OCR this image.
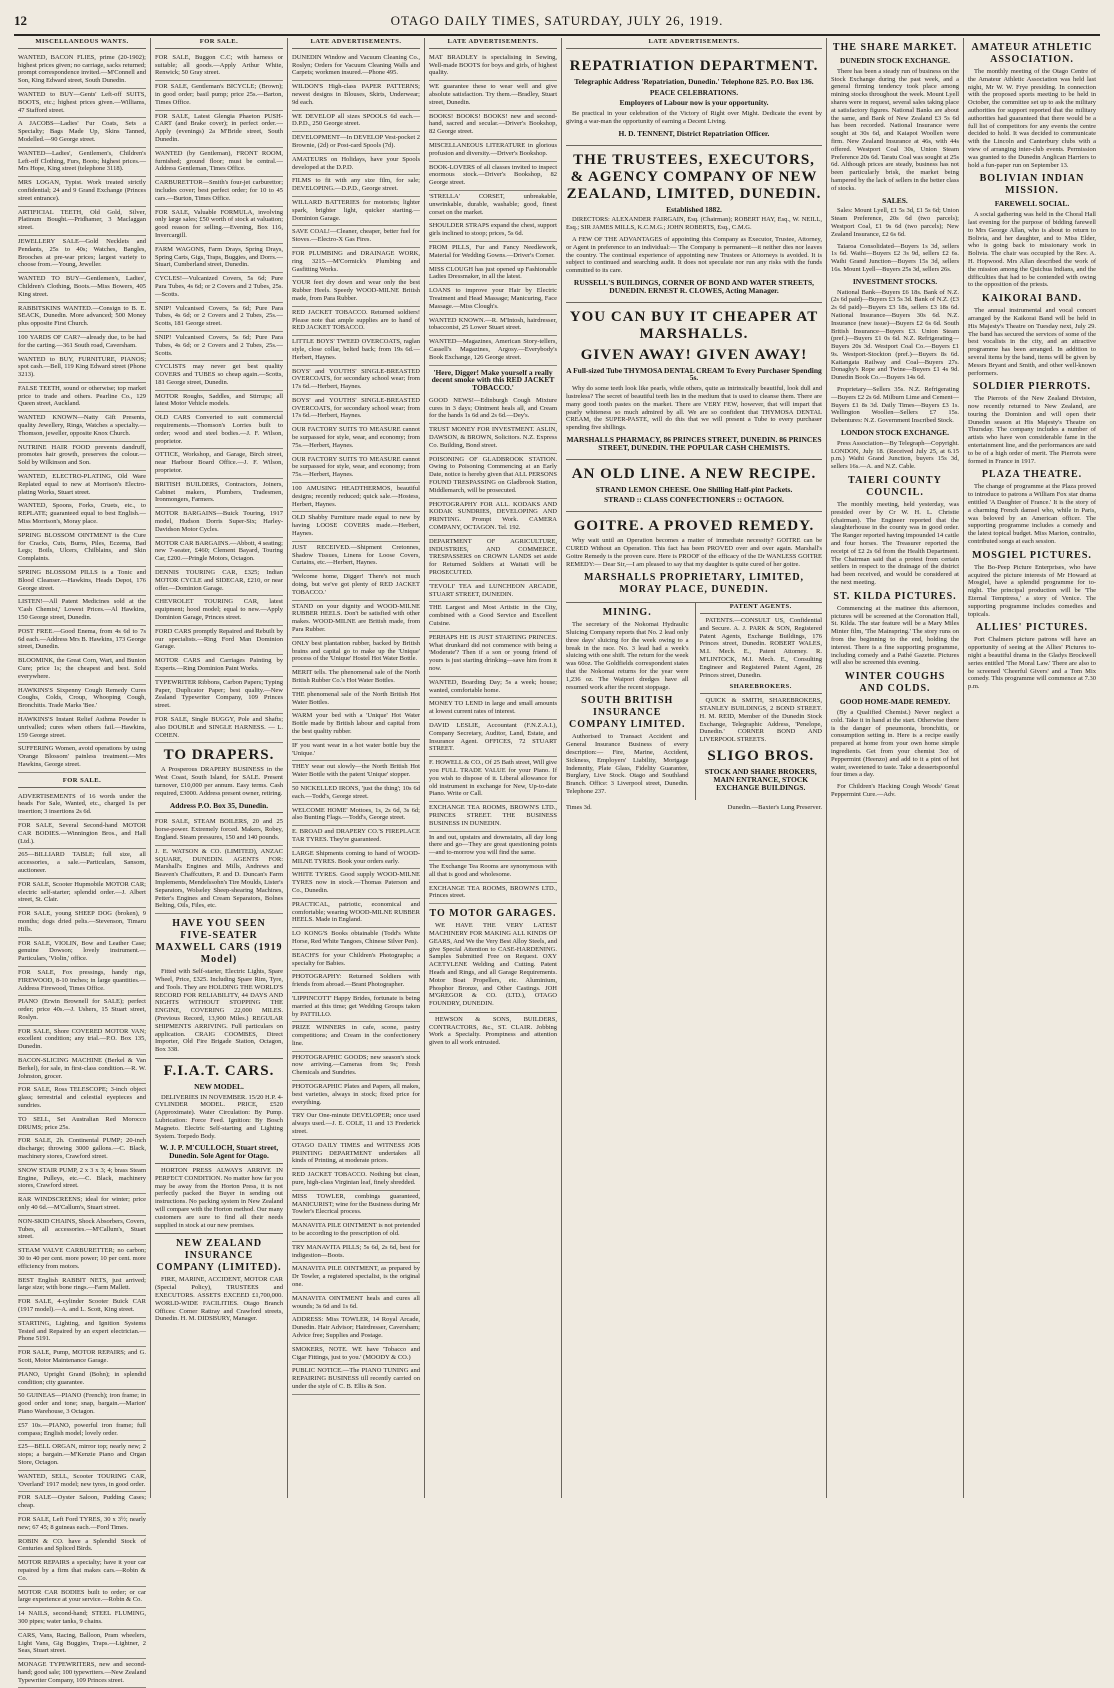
12	OTAGO DAILY TIMES, SATURDAY, JULY 26, 1919.
MISCELLANEOUS WANTS.
WANTED, BACON FLIES, prime (20-1902); highest prices given; no carriage, sacks returned; prompt correspondence invited.—M'Connell and Son, King Edward street, South Dunedin.
WANTED to BUY—Gents' Left-off SUITS, BOOTS, etc.; highest prices given.—Williams, 47 Stafford street.
A JACOBS—Ladies' Fur Coats, Sets a Specialty; Bags Made Up, Skins Tanned, Modelled.—90 George street.
WANTED—Ladies', Gentlemen's, Children's Left-off Clothing, Furs, Boots; highest prices.—Mrs Hope, King street (telephone 3118).
MRS LOGAN, Typist. Work treated strictly confidential; 24 and 9 Grand Exchange (Princes street entrance).
ARTIFICIAL TEETH, Old Gold, Silver, Platinum Bought.—Pridhamer, 3 Maclaggan street.
JEWELLERY SALE—Gold Necklets and Pendants, 25s to 40s; Watches, Bangles, Brooches at pre-war prices; largest variety to choose from.—Young, Jeweller.
WANTED TO BUY—Gentlemen's, Ladies', Children's Clothing, Boots.—Miss Bowers, 405 King street.
RABBITSKINS WANTED.—Consign to B. E. SEACK, Dunedin. More advanced; 500 Money plus opposite First Church.
100 YARDS OF CAR?—already due, to be had for the carting.—361 South road, Caversham.
WANTED to BUY, FURNITURE, PIANOS; spot cash.—Bell, 119 King Edward street (Phone 3213).
FALSE TEETH, sound or otherwise; top market price to trade and others. Pearline Co., 129 Queen street, Auckland.
WANTED KNOWN—Natty Gift Presents, quality Jewellery, Rings, Watches a specialty.—Thomson, jeweller, opposite Knox Church.
NUTRINE HAIR FOOD prevents dandruff, promotes hair growth, preserves the colour.—Sold by Wilkinson and Son.
WANTED, ELECTRO-PLATING, Old Ware Replated equal to new at Morrison's Electro-plating Works, Stuart street.
WANTED, Spoons, Forks, Cruets, etc., to REPLATE; guaranteed equal to best English.—Miss Morrison's, Moray place.
SPRING BLOSSOM OINTMENT is the Cure for Cracks, Cuts, Burns, Piles, Eczema, Bad Legs; Boils, Ulcers, Chilblains, and Skin Complaints.
SPRING BLOSSOM PILLS is a Tonic and Blood Cleanser.—Hawkins, Heads Depot, 176 George street.
LISTEN!—All Patent Medicines sold at the 'Cash Chemist,' Lowest Prices.—Al Hawkins, 150 George street, Dunedin.
POST FREE.—Good Enema, from 4s 6d to 7s 6d each.—Address Mrs B. Hawkins, 173 George street, Dunedin.
BLOOMINK, the Great Corn, Wart, and Bunion Cure; price 1s; the cheapest and best. Sold everywhere.
HAWKINS'S Sixpenny Cough Remedy Cures Coughs, Colds, Croup, Whooping Cough, Bronchitis. Trade Marks 'Bee.'
HAWKINS'S Instant Relief Asthma Powder is unrivalled; cures when others fail.—Hawkins, 159 George street.
SUFFERING Women, avoid operations by using 'Orange Blossom' painless treatment.—Mrs Hawkins, George street.
FOR SALE.
ADVERTISEMENTS of 16 words under the heads For Sale, Wanted, etc., charged 1s per insertion; 3 insertions 2s 6d.
FOR SALE, Several Second-hand MOTOR CAR BODIES.—Winnington Bros., and Hall (Ltd.).
265—BILLIARD TABLE; full size, all accessories, a sale.—Particulars, Sansom, auctioneer.
FOR SALE, Scooter Hupmobile MOTOR CAR; electric self-starter; splendid order.—J. Albert street, St. Clair.
FOR SALE, young SHEEP DOG (broken), 9 months; dogs dried pelts.—Stevenson, Timaru Hills.
FOR SALE, VIOLIN, Bow and Leather Case; genuine Dowson; lovely instrument.—Particulars, 'Violin,' office.
FOR SALE, Fox pressings, handy rigs, FIREWOOD, 8-10 inches; in large quantities.—Address Firewood, Times Office.
PIANO (Erwin Brownell for SALE); perfect order; price 40s.—J. Ushers, 15 Stuart street, Roslyn.
FOR SALE, Shore COVERED MOTOR VAN; excellent condition; any trial.—P.O. Box 135, Dunedin.
BACON-SLICING MACHINE (Berkel & Van Berkel), for sale, in first-class condition.—R. W. Johnston, grocer.
FOR SALE, Ross TELESCOPE; 3-inch object glass; terrestrial and celestial eyepieces and sundries.
TO SELL, Set Australian Red Morocco DRUMS; price 25s.
FOR SALE, 2h. Continental PUMP; 20-inch discharge; throwing 3000 gallons.—C. Black, machinery stores, Crawford street.
SNOW STAIR PUMP, 2 x 3 x 3; 4; brass Steam Engine, Pulleys, etc.—C. Black, machinery stores, Crawford street.
RAR WINDSCREENS; ideal for winter; price only 40 6d.—M'Callum's, Stuart street.
NON-SKID CHAINS, Shock Absorbers, Covers, Tubes, all accessories.—M'Callum's, Stuart street.
STEAM VALVE CARBURETTER; no carbon; 30 to 40 per cent. more power; 10 per cent. more efficiency from motors.
BEST English RABBIT NETS, just arrived; large size; with bone rings.—Farm Mallett.
FOR SALE, 4-cylinder Scooter Buick CAR (1917 model).—A. and L. Scott, King street.
STARTING, Lighting, and Ignition Systems Tested and Repaired by an expert electrician.—Phone 5191.
FOR SALE, Pump, MOTOR REPAIRS; and G. Scott, Motor Maintenance Garage.
PIANO, Upright Grand (Bohn); in splendid condition; city guarantee.
50 GUINEAS—PIANO (French); iron frame; in good order and tone; snap, bargain.—Marion' Piano Warehouse, 3 Octagon.
£57 10s.—PIANO, powerful iron frame; full compass; English model; lovely order.
£25—BELL ORGAN, mirror top; nearly new; 2 stops; a bargain.—M'Kenzie Piano and Organ Store, Octagon.
WANTED, SELL, Scooter TOURING CAR, 'Overland' 1917 model; new tyres, in good order.
FOR SALE—Oyster Saloon, Pudding Cases; cheap.
FOR SALE, Left Ford TYRES, 30 x 3½; nearly new; 67 45; 8 guineas each.—Ford Times.
ROBIN & CO. have a Splendid Stock of Centuries and Spliced Birds.
MOTOR REPAIRS a specialty; have it your car repaired by a firm that makes cars.—Robin & Co.
MOTOR CAR BODIES built to order; or car large experience at your service.—Robin & Co.
14 NAILS, second-hand; STEEL FLUMING, 300 pipes; water tanks, 9 chains.
CARS, Vans, Racing, Balloon, Pram wheelers, Light Vans, Gig Buggies, Traps.—Lightner, 2 Seas, Stuart street.
MONAGE TYPEWRITERS, new and second-hand; good sale; 100 typewriters.—New Zealand Typewriter Company, 109 Princes street.
FOR SALE.
FOR SALE, Buggon C.C; with harness or suitable; all goods.—Apply Arthur White, Renwick; 50 Gray street.
FOR SALE, Gentleman's BICYCLE; (Brown); in good order; basil pump; price 25s.—Barton, Times Office.
FOR SALE, Latest Glengia Phaeton PUSH-CART (and Brake cover); in perfect order.—Apply (evenings) 2a M'Bride street, South Dunedin.
WANTED (by Gentleman), FRONT ROOM, furnished; ground floor; must be central.—Address Gentleman, Times Office.
CARBURETTOR—Smith's four-jet carburettor; includes cover; best perfect order; for 10 to 45 cars.—Burton, Times Office.
FOR SALE, Valuable FORMULA, involving only large sales; £50 worth of stock at valuation; good reason for selling.—Evening, Box 116, Invercargill.
FARM WAGONS, Farm Drays, Spring Drays, Spring Carts, Gigs, Traps, Buggies, and Dorrs.—Stuart, Cumberland street, Dunedin.
CYCLES!—Vulcanized Covers, 5s 6d; Pure Para Tubes, 4s 6d; or 2 Covers and 2 Tubes, 25s.—Scotts.
SNIP! Vulcanised Covers, 5s 6d; Pure Para Tubes, 4s 6d; or 2 Covers and 2 Tubes, 25s.—Scotts, 181 George street.
SNIP! Vulcanised Covers, 5s 6d; Pure Para Tubes, 4s 6d; or 2 Covers and 2 Tubes, 25s.—Scotts.
CYCLISTS may never get best quality COVERS and TUBES so cheap again.—Scotts, 181 George street, Dunedin.
MOTOR Roughs, Saddles, and Stirrups; all latest Motor Vehicle models.
OLD CARS Converted to suit commercial requirements.—Thomson's Lorries built to order; wood and steel bodies.—J. F. Wilson, proprietor.
OTTICE, Workshop, and Garage, Birch street, near Harbour Board Office.—J. F. Wilson, proprietor.
BRITISH BUILDERS, Contractors, Joiners, Cabinet makers, Plumbers, Tradesmen, Ironmongers, Farmers.
MOTOR BARGAINS—Buick Touring, 1917 model, Hudson Dorris Super-Six; Harley-Davidson Motor Cycles.
MOTOR CAR BARGAINS.—Abbott, 4 seating; new 7-seater, £460; Clement Bayard, Touring Car, £200.—Pringle Motors, Octagon.
DENNIS TOURING CAR, £325; Indian MOTOR CYCLE and SIDECAR, £210, or near offer.—Dominion Garage.
CHEVROLET TOURING CAR, latest equipment; hood model; equal to new.—Apply Dominion Garage, Princes street.
FORD CARS promptly Repaired and Rebuilt by our specialists.—Ring Ford Man Dominion Garage.
MOTOR CARS and Carriages Painting by Experts.—Ring Dominion Paint Works.
TYPEWRITER Ribbons, Carbon Papers; Typing Paper, Duplicator Paper; best quality.—New Zealand Typewriter Company, 109 Princes street.
FOR SALE, Single BUGGY, Pole and Shafts; also DOUBLE and SINGLE HARNESS. — L. COHEN.
TO DRAPERS.
A Prosperous DRAPERY BUSINESS in the West Coast, South Island, for SALE. Present turnover, £10,000 per annum. Easy terms. Cash required, £3000. Address present owner, retiring.
Address P.O. Box 35, Dunedin.
FOR SALE, STEAM BOILERS, 20 and 25 horse-power. Extremely forced. Makers, Robey, England. Steam pressures, 150 and 140 pounds.
J. E. WATSON & CO. (LIMITED), ANZAC SQUARE, DUNEDIN. AGENTS FOR: Marshall's Engines and Mills, Andrews and Beaven's Chaffcutters, P. and D. Duncan's Farm Implements, Mendelssohn's Tire Moulds, Lister's Separators, Wolseley Sheep-shearing Machines, Petter's Engines and Cream Separators, Bolnes Belting, Oils, Files, etc.
HAVE YOU SEEN FIVE-SEATER MAXWELL CARS (1919 Model)
Fitted with Self-starter, Electric Lights, Spare Wheel, Price, £325. Including Spare Rim, Tyre, and Tools. They are HOLDING THE WORLD'S RECORD FOR RELIABILITY, 44 DAYS AND NIGHTS WITHOUT STOPPING THE ENGINE, COVERING 22,000 MILES. (Previous Record, 13,900 Miles.) REGULAR SHIPMENTS ARRIVING. Full particulars on application. CRAIG COOMBES, Direct Importer, Old Fire Brigade Station, Octagon, Box 338.
F.I.A.T. CARS.
NEW MODEL.
DELIVERIES IN NOVEMBER. 15/20 H.P. 4-CYLINDER MODEL. PRICE, £520 (Approximate). Water Circulation: By Pump. Lubrication: Force Feed. Ignition: By Bosch Magneto. Electric Self-starting and Lighting System. Torpedo Body.
W. J. P. M'CULLOCH, Stuart street, Dunedin. Sole Agent for Otago.
HORTON PRESS ALWAYS ARRIVE IN PERFECT CONDITION. No matter how far you may be away from the Horton Press, it is not perfectly packed the Buyer in sending out instructions. No packing system in New Zealand will compare with the Horton method. Our many customers are sure to find all their needs supplied in stock at our new premises.
NEW ZEALAND INSURANCE COMPANY (LIMITED).
FIRE, MARINE, ACCIDENT, MOTOR CAR (Special Policy), TRUSTEES and EXECUTORS. ASSETS EXCEED £1,700,000. WORLD-WIDE FACILITIES. Otago Branch Offices: Corner Rattray and Crawford streets, Dunedin. H. M. DIDSBURY, Manager.
LATE ADVERTISEMENTS.
DUNEDIN Window and Vacuum Cleaning Co., Roslyn; Orders for Vacuum Cleaning Walls and Carpets; workmen insured.—Phone 495.
WILDON'S High-class PAPER PATTERNS; newest designs in Blouses, Skirts, Underwear; 9d each.
WE DEVELOP all sizes SPOOLS 6d each.—D.P.D., 250 George street.
DEVELOPMENT—In DEVELOP Vest-pocket 2 Brownie, (2d) or Post-card Spools (7d).
AMATEURS on Holidays, have your Spools developed at the D.P.D.
FILMS to fit with any size film, for sale; DEVELOPING.—D.P.D., George street.
WILLARD BATTERIES for motorists; lighter spark, brighter light, quicker starting.—Dominion Garage.
SAVE COAL!—Cleaner, cheaper, better fuel for Stoves.—Electro-X Gas Fires.
FOR PLUMBING and DRAINAGE WORK, ring 3215.—M'Cormick's Plumbing and Gasfitting Works.
YOUR feet dry down and wear only the best Rubber Heels. Speedy WOOD-MILNE British made, from Para Rubber.
RED JACKET TOBACCO. Returned soldiers! Please note that ample supplies are to hand of RED JACKET TOBACCO.
LITTLE BOYS' TWEED OVERCOATS, raglan style, close collar, belted back; from 19s 6d.—Herbert, Haynes.
BOYS' and YOUTHS' SINGLE-BREASTED OVERCOATS, for secondary school wear; from 17s 6d.—Herbert, Haynes.
BOYS' and YOUTHS' SINGLE-BREASTED OVERCOATS, for secondary school wear; from 17s 6d.—Herbert, Haynes.
OUR FACTORY SUITS TO MEASURE cannot be surpassed for style, wear, and economy; from 75s.—Herbert, Haynes.
OUR FACTORY SUITS TO MEASURE cannot be surpassed for style, wear, and economy; from 75s.—Herbert, Haynes.
100 AMUSING HEADTHERMOS, beautiful designs; recently reduced; quick sale.—Hostess, Herbert, Haynes.
OLD Shabby Furniture made equal to new by having LOOSE COVERS made.—Herbert, Haynes.
JUST RECEIVED.—Shipment Cretonnes, Shadow Tissues, Linens for Loose Covers, Curtains, etc.—Herbert, Haynes.
'Welcome home, Digger! There's not much doing, but we've got plenty of RED JACKET TOBACCO.'
STAND on your dignity and WOOD-MILNE RUBBER HEELS. Don't be satisfied with other makes. WOOD-MILNE are British made, from Para Rubber.
ONLY best plantation rubber, backed by British brains and capital go to make up the 'Unique' process of the 'Unique' Hostel Hot Water Bottle.
MERIT tells. The phenomenal sale of the North British Rubber Co.'s Hot Water Bottles.
THE phenomenal sale of the North British Hot Water Bottles.
WARM your bed with a 'Unique' Hot Water Bottle made by British labour and capital from the best quality rubber.
IF you want wear in a hot water bottle buy the 'Unique.'
THEY wear out slowly—the North British Hot Water Bottle with the patent 'Unique' stopper.
50 NICKELLED IRONS, 'just the thing'; 10s 6d each.—Todd's, George street.
WELCOME HOME' Mottoes, 1s, 2s 6d, 3s 6d; also Bunting Flags.—Todd's, George street.
E. BROAD and DRAPERY CO.'S FIREPLACE TAR TYRES. They're guaranteed.
LARGE Shipments coming to hand of WOOD-MILNE TYRES. Book your orders early.
WHITE TYRES. Good supply WOOD-MILNE TYRES now in stock.—Thomas Paterson and Co., Dunedin.
PRACTICAL, patriotic, economical and comfortable; wearing WOOD-MILNE RUBBER HEELS. Made in England.
LO KONG'S Books obtainable (Todd's White Horse, Red White Tangoes, Chinese Silver Pen).
BEACH'S for your Children's Photographs; a specialty for Babies.
PHOTOGRAPHY: Returned Soldiers with friends from abroad.—Brant Photographer.
'LIPPINCOTT' Happy Brides, fortunate is being married at this time; get Wedding Groups taken by PATTILLO.
PRIZE WINNERS in cafe, scone, pastry competitions; and Cream in the confectionery line.
PHOTOGRAPHIC GOODS; new season's stock now arriving.—Cameras from 9s; Fresh Chemicals and Sundries.
PHOTOGRAPHIC Plates and Papers, all makes, best varieties, always in stock; fixed price for everything.
TRY Our One-minute DEVELOPER; once used always used.—J. E. COLE, 11 and 13 Frederick street.
OTAGO DAILY TIMES and WITNESS JOB PRINTING DEPARTMENT undertakes all kinds of Printing, at moderate prices.
RED JACKET TOBACCO. Nothing but clean, pure, high-class Virginian leaf, finely shredded.
MISS TOWLER, combings guaranteed, MANICURIST; wine for the Business during Mr Towler's Elecrical process.
MANAVITA PILE OINTMENT is not pretended to be according to the prescription of old.
TRY MANAVITA PILLS; 5s 6d, 2s 6d, best for indigestion—Boots.
MANAVITA PILE OINTMENT, as prepared by Dr Towler, a registered specialist, is the original one.
MANAVITA OINTMENT heals and cures all wounds; 3s 6d and 1s 6d.
ADDRESS: Miss TOWLER, 14 Royal Arcade, Dunedin. Hair Advisor; Hairdresser, Caversham; Advice free; Supplies and Postage.
SMOKERS, NOTE. WE have 'Tobacco and Cigar Fittings, just to you.' (MOODY & CO.)
PUBLIC NOTICE.—The PIANO TUNING and REPAIRING BUSINESS till recently carried on under the style of C. B. Ellis & Son.
LATE ADVERTISEMENTS.
MAT BRADLEY is specialising in Sewing, Well-made BOOTS for boys and girls, of highest quality.
WE guarantee these to wear well and give absolute satisfaction. Try them.—Bradley, Stuart street, Dunedin.
BOOKS! BOOKS! BOOKS! new and second-hand, sacred and secular.—Driver's Bookshop, 82 George street.
MISCELLANEOUS LITERATURE in glorious profusion and diversity.—Driver's Bookshop.
BOOK-LOVERS of all classes invited to inspect enormous stock.—Driver's Bookshop, 82 George street.
'STRELLA' CORSET, unbreakable, unwrinkable, durable, washable; good, finest corset on the market.
SHOULDER STRAPS expand the chest, support girls inclined to stoop; prices, 5s 6d.
FROM PILLS, Fur and Fancy Needlework, Material for Wedding Gowns.—Driver's Corner.
MISS CLOUGH has just opened up Fashionable Ladies Dressmaker, in all the latest.
LOANS to improve your Hair by Electric Treatment and Head Massage; Manicuring, Face Massage.—Miss Clough's.
WANTED KNOWN.—R. M'Intosh, hairdresser, tobacconist, 25 Lower Stuart street.
WANTED—Magazines, American Story-tellers, Cassell's Magazines, Argosy.—Everybody's Book Exchange, 126 George street.
'Here, Digger! Make yourself a really decent smoke with this RED JACKET TOBACCO.'
GOOD NEWS!—Edinburgh Cough Mixture cures in 3 days; Ointment heals all, and Cream for the hands 1s 6d and 2s 6d.—Dey's.
TRUST MONEY FOR INVESTMENT. ASLIN, DAWSON, & BROWN, Solicitors. N.Z. Express Co. Building, Bond street.
POISONING OF GLADBROOK STATION. Owing to Poisoning Commencing at an Early Date, notice is hereby given that ALL PERSONS FOUND TRESPASSING on Gladbrook Station, Middlemarch, will be prosecuted.
PHOTOGRAPHY FOR ALL. KODAKS AND KODAK SUNDRIES, DEVELOPING AND PRINTING. Prompt Work. CAMERA COMPANY, OCTAGON. Tel. 192.
DEPARTMENT OF AGRICULTURE, INDUSTRIES, AND COMMERCE. TRESPASSERS on CROWN LANDS set aside for Returned Soldiers at Waitati will be PROSECUTED.
'TEVOLI' TEA and LUNCHEON ARCADE, STUART STREET, DUNEDIN.
THE Largest and Most Artistic in the City, combined with a Good Service and Excellent Cuisine.
PERHAPS HE IS JUST STARTING PRINCES. What drunkard did not commence with being a 'Moderate'? Then if a son or young friend of yours is just starting drinking—save him from it now.
WANTED, Boarding Day; 5s a week; house; wanted, comfortable home.
MONEY TO LEND in large and small amounts at lowest current rates of interest.
DAVID LESLIE, Accountant (F.N.Z.A.I.), Company Secretary, Auditor, Land, Estate, and Insurance Agent. OFFICES, 72 STUART STREET.
F. HOWELL & CO., Of 25 Bath street, Will give you FULL TRADE VALUE for your Piano. If you wish to dispose of it. Liberal allowance for old instrument in exchange for New, Up-to-date Piano. Write or Call.
EXCHANGE TEA ROOMS, BROWN'S LTD., PRINCES STREET. THE BUSINESS BUSINESS IN DUNEDIN.
In and out, upstairs and downstairs, all day long there and go—They are great questioning points—and to-morrow you will find the same.
The Exchange Tea Rooms are synonymous with all that is good and wholesome.
EXCHANGE TEA ROOMS, BROWN'S LTD., Princes street.
TO MOTOR GARAGES.
WE HAVE THE VERY LATEST MACHINERY FOR MAKING ALL KINDS OF GEARS, And We the Very Best Alloy Steels, and give Special Attention to CASE-HARDENING. Samples Submitted Free on Request. OXY ACETYLENE Welding and Cutting. Patent Heads and Rings, and all Garage Requirements. Motor Boat Propellers, etc. Aluminium, Phosphor Bronze, and Other Castings. JOH M'GREGOR & CO. (LTD.), OTAGO FOUNDRY, DUNEDIN.
HEWSON & SONS, BUILDERS, CONTRACTORS, &c., ST. CLAIR. Jobbing Work a Specialty. Promptness and attention given to all work entrusted.
LATE ADVERTISEMENTS.
REPATRIATION DEPARTMENT.
Telegraphic Address 'Repatriation, Dunedin.' Telephone 825. P.O. Box 136.
PEACE CELEBRATIONS.
Employers of Labour now is your opportunity.
Be practical in your celebration of the Victory of Right over Might. Dedicate the event by giving a war-man the opportunity of earning a Decent Living.
H. D. TENNENT, District Repatriation Officer.
THE TRUSTEES, EXECUTORS, & AGENCY COMPANY OF NEW ZEALAND, LIMITED, DUNEDIN.
Established 1882.
DIRECTORS: ALEXANDER FAIRGAIN, Esq. (Chairman); ROBERT HAY, Esq., W. NEILL, Esq.; SIR JAMES MILLS, K.C.M.G.; JOHN ROBERTS, Esq., C.M.G.
A FEW OF THE ADVANTAGES of appointing this Company as Executor, Trustee, Attorney, or Agent in preference to an individual:— The Company is permanent—it neither dies nor leaves the country. The continual experience of appointing new Trustees or Attorneys is avoided. It is subject to continued and searching audit. It does not speculate nor run any risks with the funds committed to its care.
RUSSELL'S BUILDINGS, CORNER OF BOND AND WATER STREETS, DUNEDIN. ERNEST R. CLOWES, Acting Manager.
YOU CAN BUY IT CHEAPER AT MARSHALLS.
GIVEN AWAY! GIVEN AWAY!
A Full-sized Tube THYMOSA DENTAL CREAM To Every Purchaser Spending 5s.
Why do some teeth look like pearls, while others, quite as intrinsically beautiful, look dull and lustreless? The secret of beautiful teeth lies in the medium that is used to cleanse them. There are many good tooth pastes on the market. There are VERY FEW, however, that will impart that pearly whiteness so much admired by all. We are so confident that THYMOSA DENTAL CREAM, the SUPER-PASTE, will do this that we will present a Tube to every purchaser spending five shillings.
MARSHALLS PHARMACY, 86 PRINCES STREET, DUNEDIN. 86 PRINCES STREET, DUNEDIN. THE POPULAR CASH CHEMISTS.
AN OLD LINE. A NEW RECIPE.
STRAND LEMON CHEESE. One Shilling Half-pint Packets.
STRAND :: CLASS CONFECTIONERS :: OCTAGON.
GOITRE. A PROVED REMEDY.
Why wait until an Operation becomes a matter of immediate necessity? GOITRE can be CURED Without an Operation. This fact has been PROVED over and over again. Marshall's Goitre Remedy is the proven cure. Here is PROOF of the efficacy of the Dr WANLESS GOITRE REMEDY:— Dear Sir,—I am pleased to say that my daughter is quite cured of her goitre.
MARSHALLS PROPRIETARY, LIMITED, MORAY PLACE, DUNEDIN.
MINING.
The secretary of the Nokomai Hydraulic Sluicing Company reports that No. 2 lead only three days' sluicing for the week owing to a break in the race. No. 3 lead had a week's sluicing with one shift. The return for the week was 60oz. The Goldfields correspondent states that the Nokomai returns for the year were 1,236 oz. The Waipori dredges have all resumed work after the recent stoppage.
SOUTH BRITISH INSURANCE COMPANY LIMITED.
Authorised to Transact Accident and General Insurance Business of every description:— Fire, Marine, Accident, Sickness, Employers' Liability, Mortgage Indemnity, Plate Glass, Fidelity Guarantee, Burglary, Live Stock. Otago and Southland Branch. Office: 3 Liverpool street, Dunedin. Telephone 237.
PATENT AGENTS.
PATENTS.—CONSULT US, Confidential and Secure. A. J. PARK & SON, Registered Patent Agents, Exchange Buildings, 176 Princes street, Dunedin. ROBERT WALES, M.I. Mech. E., Patent Attorney. R. M'LINTOCK, M.I. Mech. E., Consulting Engineer and Registered Patent Agent, 26 Princes street, Dunedin.
SHAREBROKERS.
QUICK & SMITH, SHAREBROKERS, STANLEY BUILDINGS, 2 BOND STREET. H. M. REID, Member of the Dunedin Stock Exchange, Telegraphic Address, 'Penelope, Dunedin.' CORNER BOND AND LIVERPOOL STREETS.
SLIGO BROS.
STOCK AND SHARE BROKERS, MAIN ENTRANCE, STOCK EXCHANGE BUILDINGS.
Times 3d.	Dunedin.—Baxter's Lung Preserver.
THE SHARE MARKET.
DUNEDIN STOCK EXCHANGE.
There has been a steady run of business on the Stock Exchange during the past week, and a general firming tendency took place among mining stocks throughout the week. Mount Lyell shares were in request, several sales taking place at satisfactory figures. National Banks are about the same, and Bank of New Zealand £3 5s 6d has been recorded. National Insurance were sought at 30s 6d, and Kaiapoi Woollen were firm. New Zealand Insurance at 46s, with 44s offered. Westport Coal 30s, Union Steam Preference 20s 6d. Taratu Coal was sought at 25s 6d. Although prices are steady, business has not been particularly brisk, the market being hampered by the lack of sellers in the better class of stocks.
SALES.
Sales: Mount Lyell, £1 5s 3d, £1 5s 6d; Union Steam Preference, 20s 6d (two parcels); Westport Coal, £1 9s 6d (two parcels); New Zealand Insurance, £2 6s 6d.
Taiaroa Consolidated—Buyers 1s 3d, sellers 1s 6d. Waihi—Buyers £2 3s 9d, sellers £2 6s. Waihi Grand Junction—Buyers 15s 3d, sellers 16s. Mount Lyell—Buyers 25s 3d, sellers 26s.
INVESTMENT STOCKS.
National Bank—Buyers £6 18s. Bank of N.Z. (2s 6d paid)—Buyers £3 5s 3d. Bank of N.Z. (£3 2s 6d paid)—Buyers £3 18s, sellers £3 18s 6d. National Insurance—Buyers 30s 6d. N.Z. Insurance (new issue)—Buyers £2 6s 6d. South British Insurance—Buyers £3. Union Steam (pref.)—Buyers £1 0s 6d. N.Z. Refrigerating—Buyers 20s 3d. Westport Coal Co.—Buyers £1 9s. Westport-Stockton (pref.)—Buyers 8s 6d. Kaitangata Railway and Coal—Buyers 27s. Donaghy's Rope and Twine—Buyers £1 4s 9d. Dunedin Book Co.—Buyers 14s 6d.
Proprietary—Sellers 35s. N.Z. Refrigerating—Buyers £2 2s 6d. Milburn Lime and Cement—Buyers £1 8s 3d. Daily Times—Buyers £3 1s. Wellington Woollen—Sellers £7 15s. Debentures: N.Z. Government Inscribed Stock.
LONDON STOCK EXCHANGE.
Press Association—By Telegraph—Copyright. LONDON, July 18. (Received July 25, at 6.15 p.m.) Waihi Grand Junction, buyers 15s 3d, sellers 16s.—A. and N.Z. Cable.
TAIERI COUNTY COUNCIL.
The monthly meeting, held yesterday, was presided over by Cr W. H. L. Christie (chairman). The Engineer reported that the slaughterhouse in the county was in good order. The Ranger reported having impounded 14 cattle and four horses. The Treasurer reported the receipt of £2 2s 6d from the Health Department. The Chairman said that a protest from certain settlers in respect to the drainage of the district had been received, and would be considered at the next meeting.
ST. KILDA PICTURES.
Commencing at the matinee this afternoon, pictures will be screened at the Coronation Hall, St. Kilda. The star feature will be a Mary Miles Minter film, 'The Mainspring.' The story runs on from the beginning to the end, holding the interest. There is a fine supporting programme, including comedy and a Pathé Gazette. Pictures will also be screened this evening.
WINTER COUGHS AND COLDS.
GOOD HOME-MADE REMEDY.
(By a Qualified Chemist.) Never neglect a cold. Take it in hand at the start. Otherwise there is the danger of pneumonia, bronchitis, or consumption setting in. Here is a recipe easily prepared at home from your own home simple ingredients. Get from your chemist 3oz of Peppermint (Heenzo) and add to it a pint of hot water, sweetened to taste. Take a dessertspoonful four times a day.
For Children's Hacking Cough Woods' Great Peppermint Cure.—Adv.
AMATEUR ATHLETIC ASSOCIATION.
The monthly meeting of the Otago Centre of the Amateur Athletic Association was held last night, Mr W. W. Frye presiding. In connection with the proposed sports meeting to be held in October, the committee set up to ask the military authorities for support reported that the military authorities had guaranteed that there would be a full list of competitors for any events the centre decided to hold. It was decided to communicate with the Lincoln and Canterbury clubs with a view of arranging inter-club events. Permission was granted to the Dunedin Anglican Harriers to hold a fun-paper run on September 13.
BOLIVIAN INDIAN MISSION.
FAREWELL SOCIAL.
A social gathering was held in the Choral Hall last evening for the purpose of bidding farewell to Mrs George Allan, who is about to return to Bolivia, and her daughter, and to Miss Elder, who is going back to missionary work in Bolivia. The chair was occupied by the Rev. A. H. Hopwood. Mrs Allan described the work of the mission among the Quichua Indians, and the difficulties that had to be contended with owing to the opposition of the priests.
KAIKORAI BAND.
The annual instrumental and vocal concert arranged by the Kaikorai Band will be held in His Majesty's Theatre on Tuesday next, July 29. The band has secured the services of some of the best vocalists in the city, and an attractive programme has been arranged. In addition to several items by the band, items will be given by Messrs Bryant and Smith, and other well-known performers.
SOLDIER PIERROTS.
The Pierrots of the New Zealand Division, now recently returned to New Zealand, are touring the Dominion and will open their Dunedin season at His Majesty's Theatre on Thursday. The company includes a number of artists who have won considerable fame in the entertainment line, and the performances are said to be of a high order of merit. The Pierrots were formed in France in 1917.
PLAZA THEATRE.
The change of programme at the Plaza proved to introduce to patrons a William Fox star drama entitled 'A Daughter of France.' It is the story of a charming French damsel who, while in Paris, was beloved by an American officer. The supporting programme includes a comedy and the latest topical budget. Miss Marion, contralto, contributed songs at each session.
MOSGIEL PICTURES.
The Bo-Peep Picture Enterprises, who have acquired the picture interests of Mr Howard at Mosgiel, have a splendid programme for to-night. The principal production will be 'The Eternal Temptress,' a story of Venice. The supporting programme includes comedies and topicals.
ALLIES' PICTURES.
Port Chalmers picture patrons will have an opportunity of seeing at the Allies' Pictures to-night a beautiful drama in the Gladys Brockwell series entitled 'The Moral Law.' There are also to be screened 'Cheerful Givers' and a Tom Mix comedy. This programme will commence at 7.30 p.m.
